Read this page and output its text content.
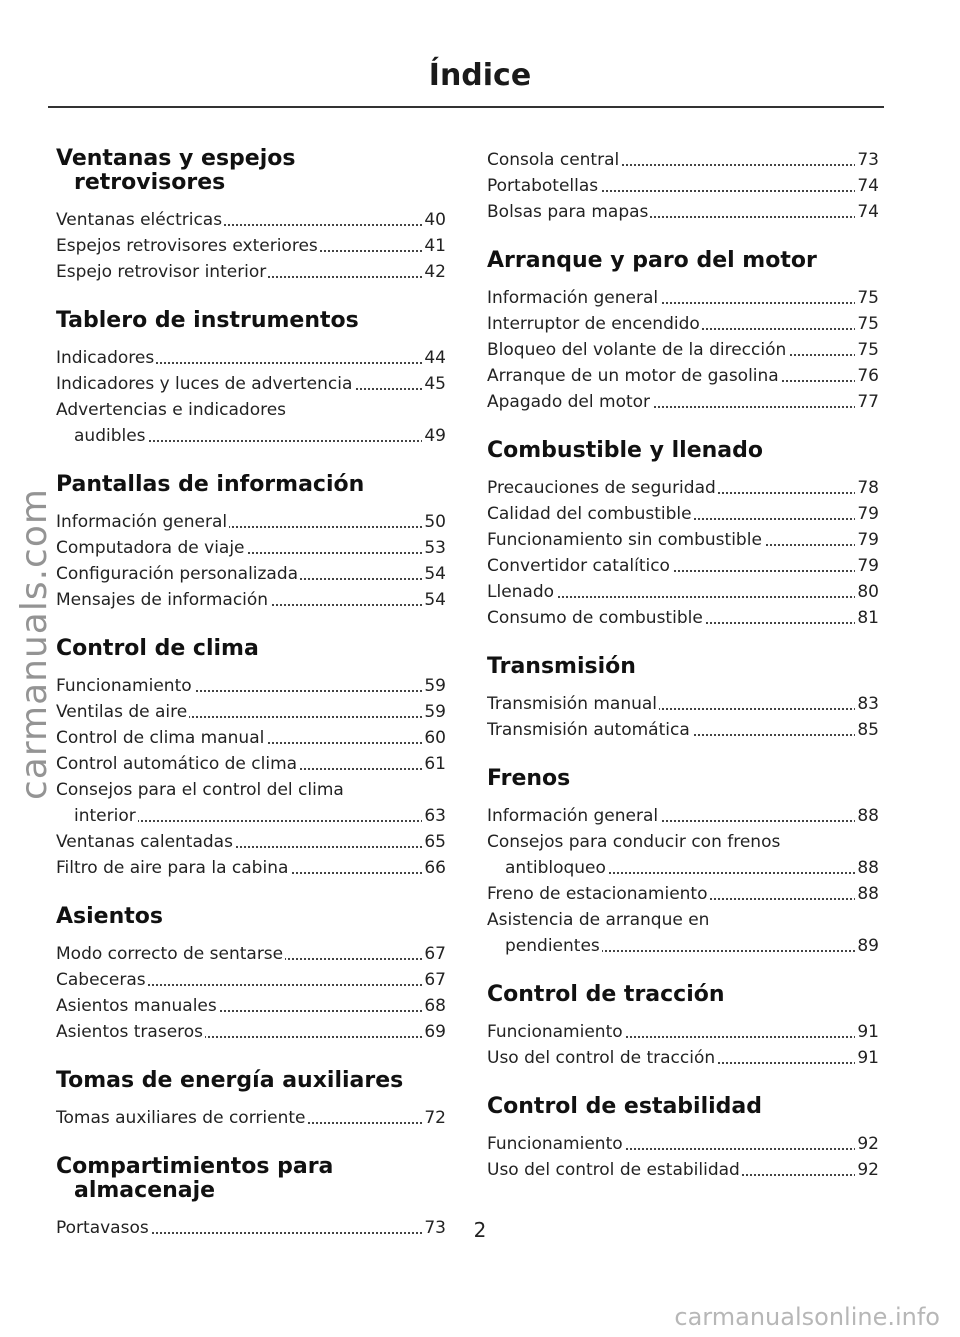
Índice
Ventanas y espejos retrovisores
Ventanas eléctricas	40
Espejos retrovisores exteriores	41
Espejo retrovisor interior	42
Tablero de instrumentos
Indicadores	44
Indicadores y luces de advertencia	45
Advertencias e indicadores
audibles	49
Pantallas de información
Información general	50
Computadora de viaje	53
Configuración personalizada	54
Mensajes de información	54
Control de clima
Funcionamiento	59
Ventilas de aire	59
Control de clima manual	60
Control automático de clima	61
Consejos para el control del clima
interior	63
Ventanas calentadas	65
Filtro de aire para la cabina	66
Asientos
Modo correcto de sentarse	67
Cabeceras	67
Asientos manuales	68
Asientos traseros	69
Tomas de energía auxiliares
Tomas auxiliares de corriente	72
Compartimientos para almacenaje
Portavasos	73
Consola central	73
Portabotellas	74
Bolsas para mapas	74
Arranque y paro del motor
Información general	75
Interruptor de encendido	75
Bloqueo del volante de la dirección	75
Arranque de un motor de gasolina	76
Apagado del motor	77
Combustible y llenado
Precauciones de seguridad	78
Calidad del combustible	79
Funcionamiento sin combustible	79
Convertidor catalítico	79
Llenado	80
Consumo de combustible	81
Transmisión
Transmisión manual	83
Transmisión automática	85
Frenos
Información general	88
Consejos para conducir con frenos
antibloqueo	88
Freno de estacionamiento	88
Asistencia de arranque en
pendientes	89
Control de tracción
Funcionamiento	91
Uso del control de tracción	91
Control de estabilidad
Funcionamiento	92
Uso del control de estabilidad	92
2
carmanuals.com
carmanualsonline.info
